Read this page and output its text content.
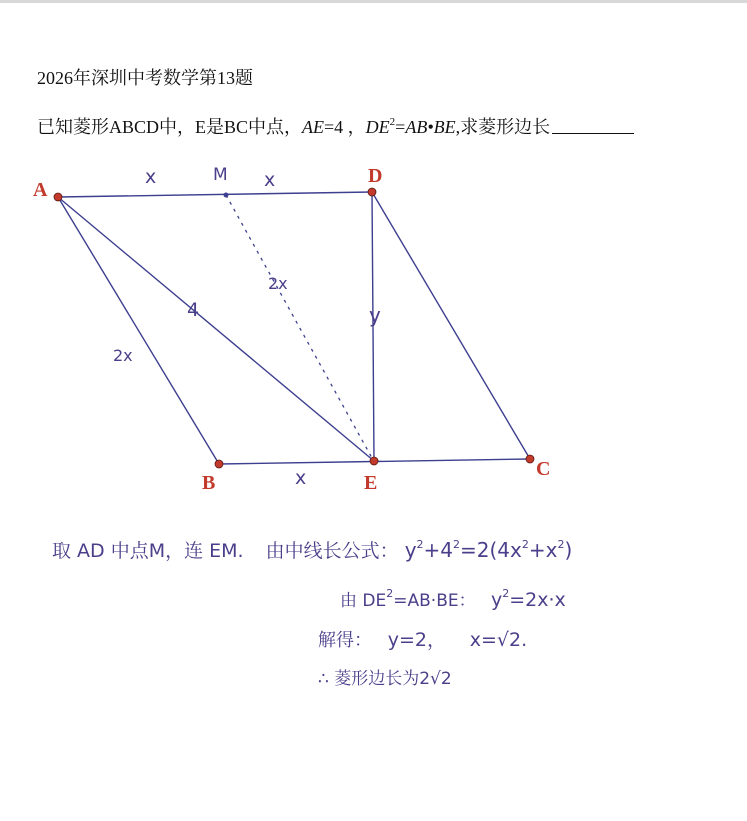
2026年深圳中考数学第13题
已知菱形ABCD中，E是BC中点，AE=4 ，$DE^2=AB•BE$,求菱形边长
A
D
B	E
C
M
x	x
2x
4	y
2x
x
取 AD 中点M，连 EM. 由中线长公式： $y^2+4^2=2(4x^2+x^2)$
由 $DE^2=AB\cdot BE$： $y^2=2x\cdot x$
解得： y=2， x=√2.
∴ 菱形边长为2√2
